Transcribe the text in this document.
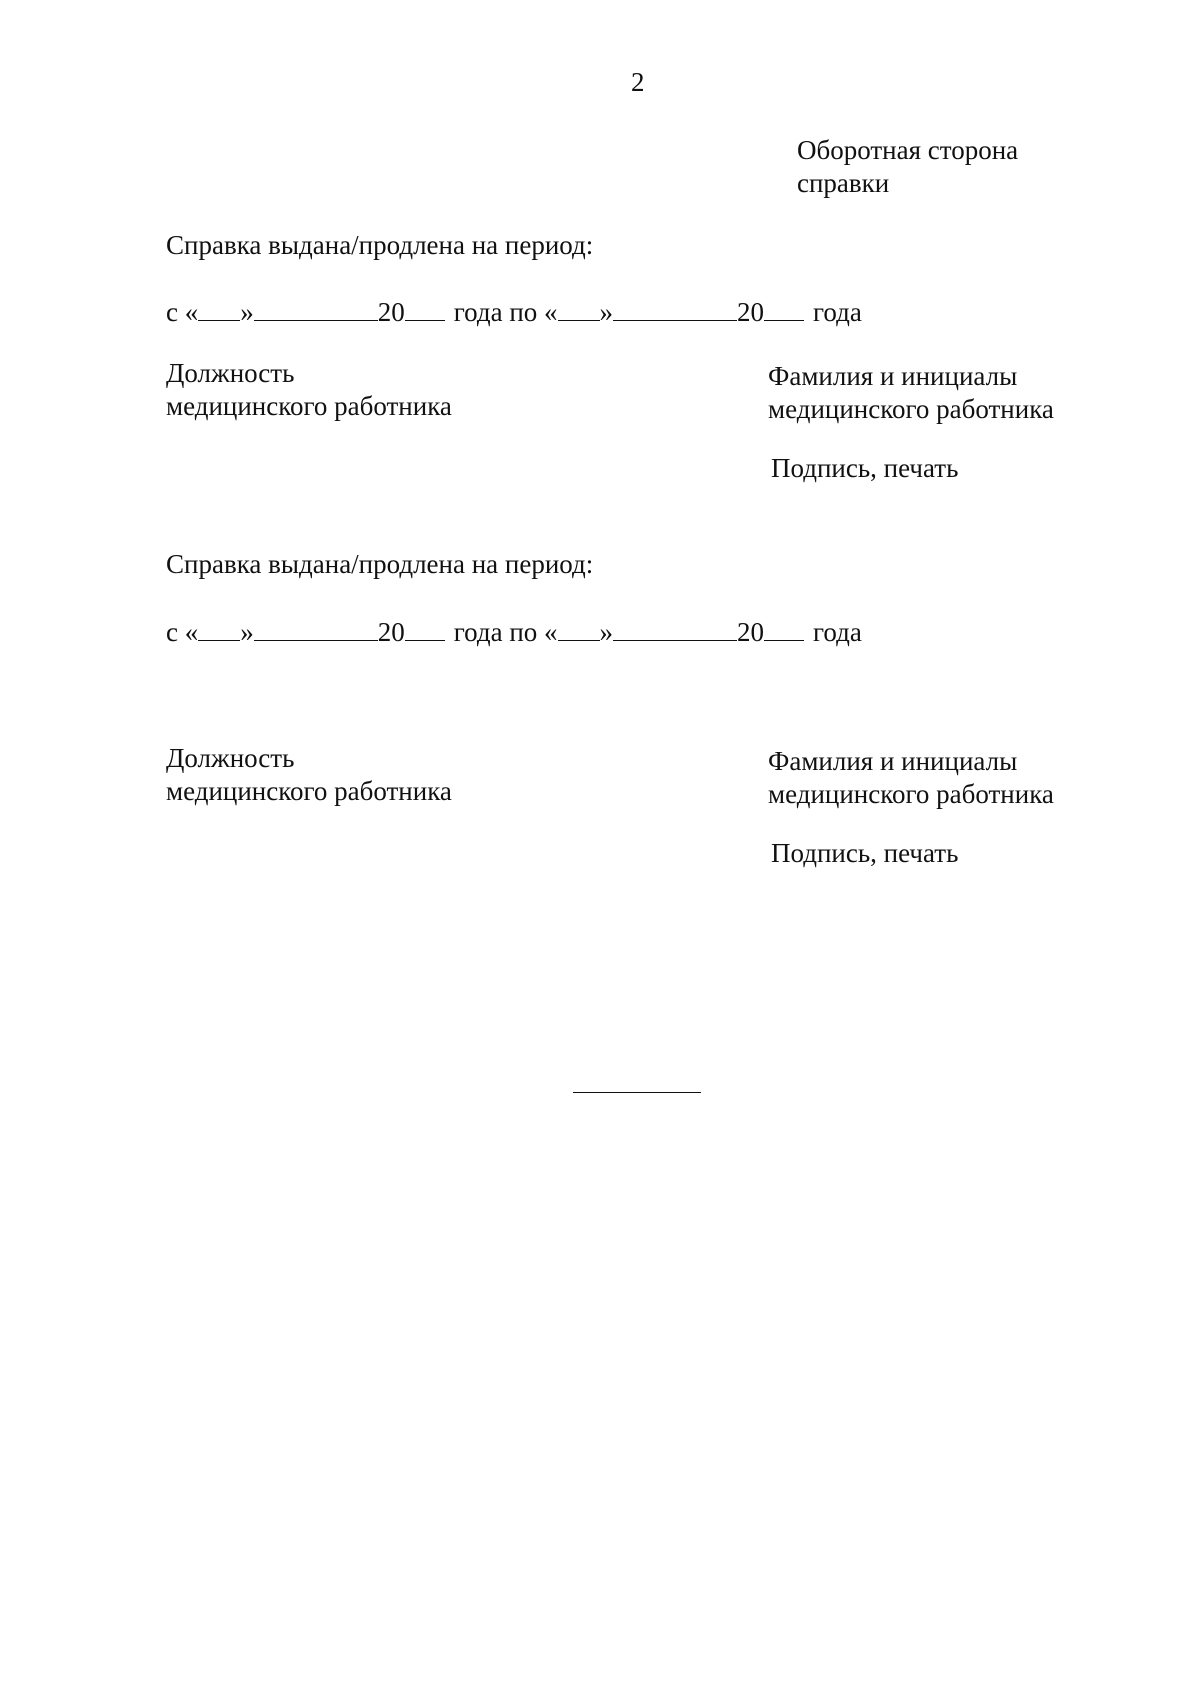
2
Оборотная сторона
справки
Справка выдана/продлена на период:
с « »	20 года по « »	20 года
Должность
медицинского работника
Фамилия и инициалы
медицинского работника
Подпись, печать
Справка выдана/продлена на период:
с « »	20 года по « »	20 года
Должность
медицинского работника
Фамилия и инициалы
медицинского работника
Подпись, печать
